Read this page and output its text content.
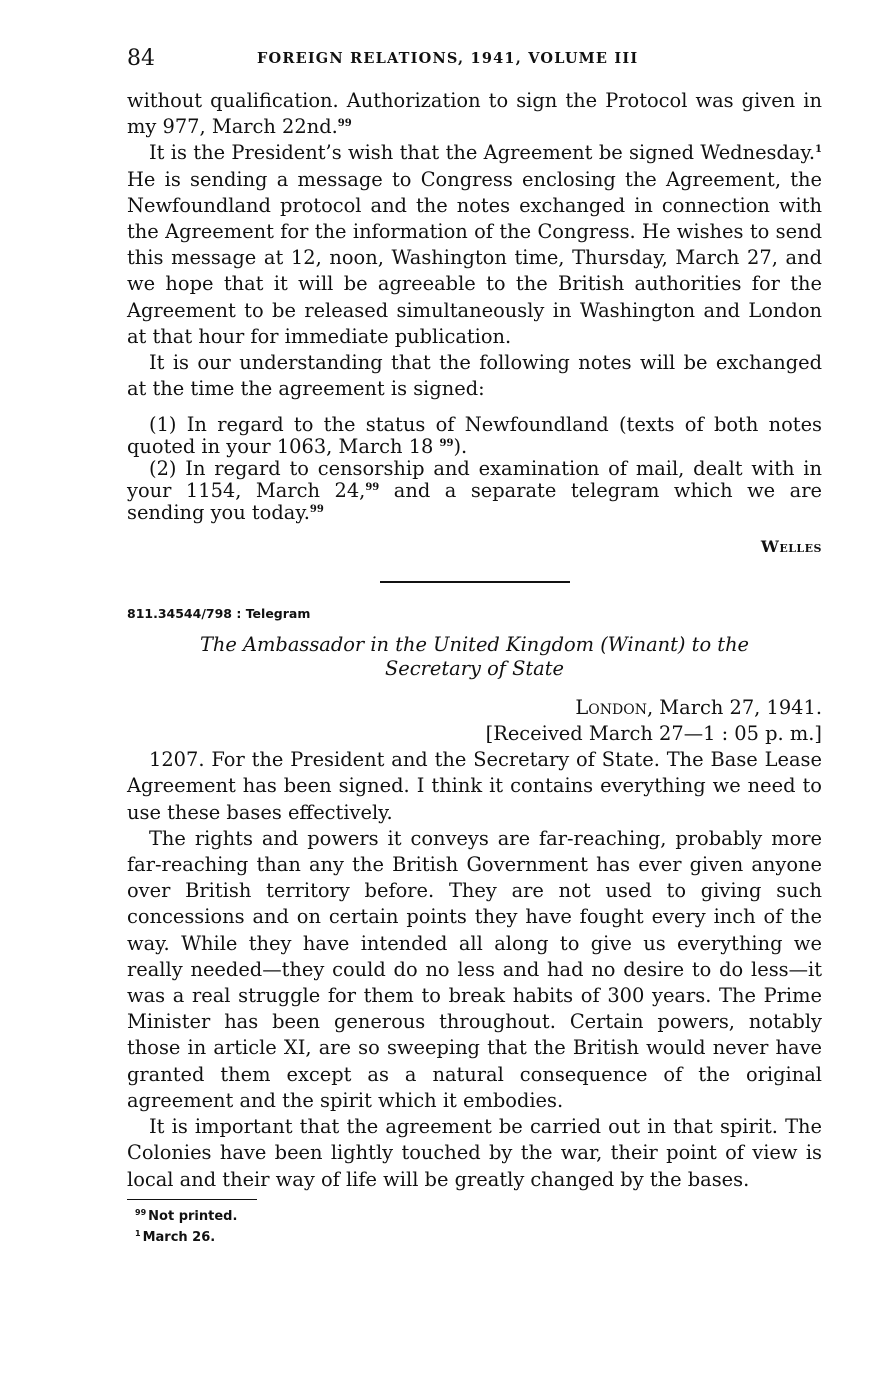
84	FOREIGN RELATIONS, 1941, VOLUME III

without qualification. Authorization to sign the Protocol was given in my 977, March 22nd.$^{99}$

It is the President’s wish that the Agreement be signed Wednesday.$^1$ He is sending a message to Congress enclosing the Agreement, the Newfoundland protocol and the notes exchanged in connection with the Agreement for the information of the Congress. He wishes to send this message at 12, noon, Washington time, Thursday, March 27, and we hope that it will be agreeable to the British authorities for the Agreement to be released simultaneously in Washington and London at that hour for immediate publication.

It is our understanding that the following notes will be exchanged at the time the agreement is signed:

(1) In regard to the status of Newfoundland (texts of both notes quoted in your 1063, March 18 $^{99}$).

(2) In regard to censorship and examination of mail, dealt with in your 1154, March 24,99 and a separate telegram which we are sending you today.$^{99}$

Welles
811.34544/798 : Telegram
The Ambassador in the United Kingdom (Winant) to the Secretary of State
London, March 27, 1941.
[Received March 27—1 : 05 p. m.]

1207. For the President and the Secretary of State. The Base Lease Agreement has been signed. I think it contains everything we need to use these bases effectively.

The rights and powers it conveys are far-reaching, probably more far-reaching than any the British Government has ever given anyone over British territory before. They are not used to giving such concessions and on certain points they have fought every inch of the way. While they have intended all along to give us everything we really needed—they could do no less and had no desire to do less—it was a real struggle for them to break habits of 300 years. The Prime Minister has been generous throughout. Certain powers, notably those in article XI, are so sweeping that the British would never have granted them except as a natural consequence of the original agreement and the spirit which it embodies.

It is important that the agreement be carried out in that spirit. The Colonies have been lightly touched by the war, their point of view is local and their way of life will be greatly changed by the bases.

$^{99}$ Not printed.
$^1$ March 26.
